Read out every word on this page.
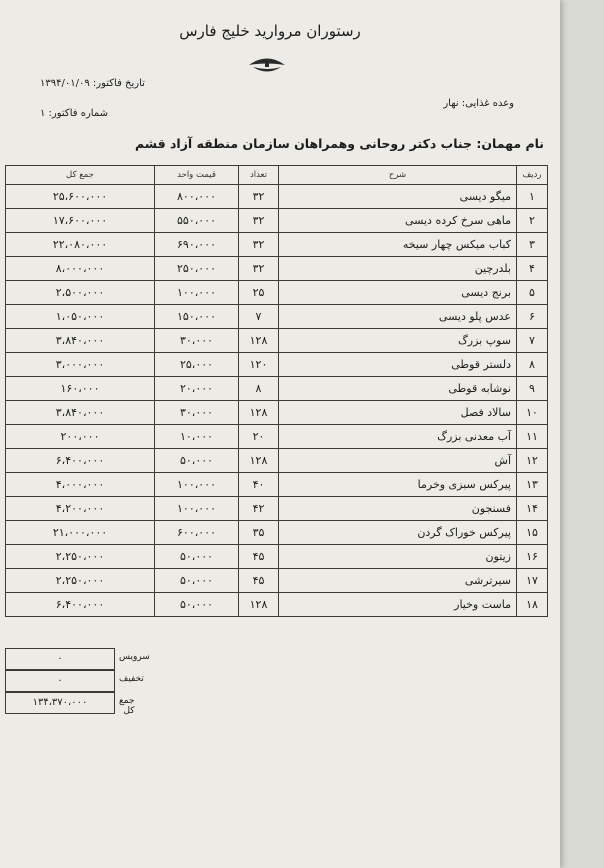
رستوران مروارید خلیج فارس
تاریخ فاکتور: ۱۳۹۴/۰۱/۰۹
شماره فاکتور: ۱
وعده غذایی: نهار
نام مهمان: جناب دکتر روحانی وهمراهان سازمان منطقه آزاد قشم
ردیف	شرح	تعداد	قیمت واحد	جمع کل
۱	میگو دیسی	۳۲	۸۰۰،۰۰۰	۲۵،۶۰۰،۰۰۰
۲	ماهی سرخ کرده دیسی	۳۲	۵۵۰،۰۰۰	۱۷،۶۰۰،۰۰۰
۳	کباب میکس چهار سیخه	۳۲	۶۹۰،۰۰۰	۲۲،۰۸۰،۰۰۰
۴	بلدرچین	۳۲	۲۵۰،۰۰۰	۸،۰۰۰،۰۰۰
۵	برنج دیسی	۲۵	۱۰۰،۰۰۰	۲،۵۰۰،۰۰۰
۶	عدس پلو دیسی	۷	۱۵۰،۰۰۰	۱،۰۵۰،۰۰۰
۷	سوپ بزرگ	۱۲۸	۳۰،۰۰۰	۳،۸۴۰،۰۰۰
۸	دلستر قوطی	۱۲۰	۲۵،۰۰۰	۳،۰۰۰،۰۰۰
۹	نوشابه قوطی	۸	۲۰،۰۰۰	۱۶۰،۰۰۰
۱۰	سالاد فصل	۱۲۸	۳۰،۰۰۰	۳،۸۴۰،۰۰۰
۱۱	آب معدنی بزرگ	۲۰	۱۰،۰۰۰	۲۰۰،۰۰۰
۱۲	آش	۱۲۸	۵۰،۰۰۰	۶،۴۰۰،۰۰۰
۱۳	پیرکس سبزی وخرما	۴۰	۱۰۰،۰۰۰	۴،۰۰۰،۰۰۰
۱۴	فسنجون	۴۲	۱۰۰،۰۰۰	۴،۲۰۰،۰۰۰
۱۵	پیرکس خوراک گردن	۳۵	۶۰۰،۰۰۰	۲۱،۰۰۰،۰۰۰
۱۶	زیتون	۴۵	۵۰،۰۰۰	۲،۲۵۰،۰۰۰
۱۷	سیرترشی	۴۵	۵۰،۰۰۰	۲،۲۵۰،۰۰۰
۱۸	ماست وخیار	۱۲۸	۵۰،۰۰۰	۶،۴۰۰،۰۰۰
۰	سرویس
۰	تخفیف
۱۳۴،۳۷۰،۰۰۰	جمع کل
